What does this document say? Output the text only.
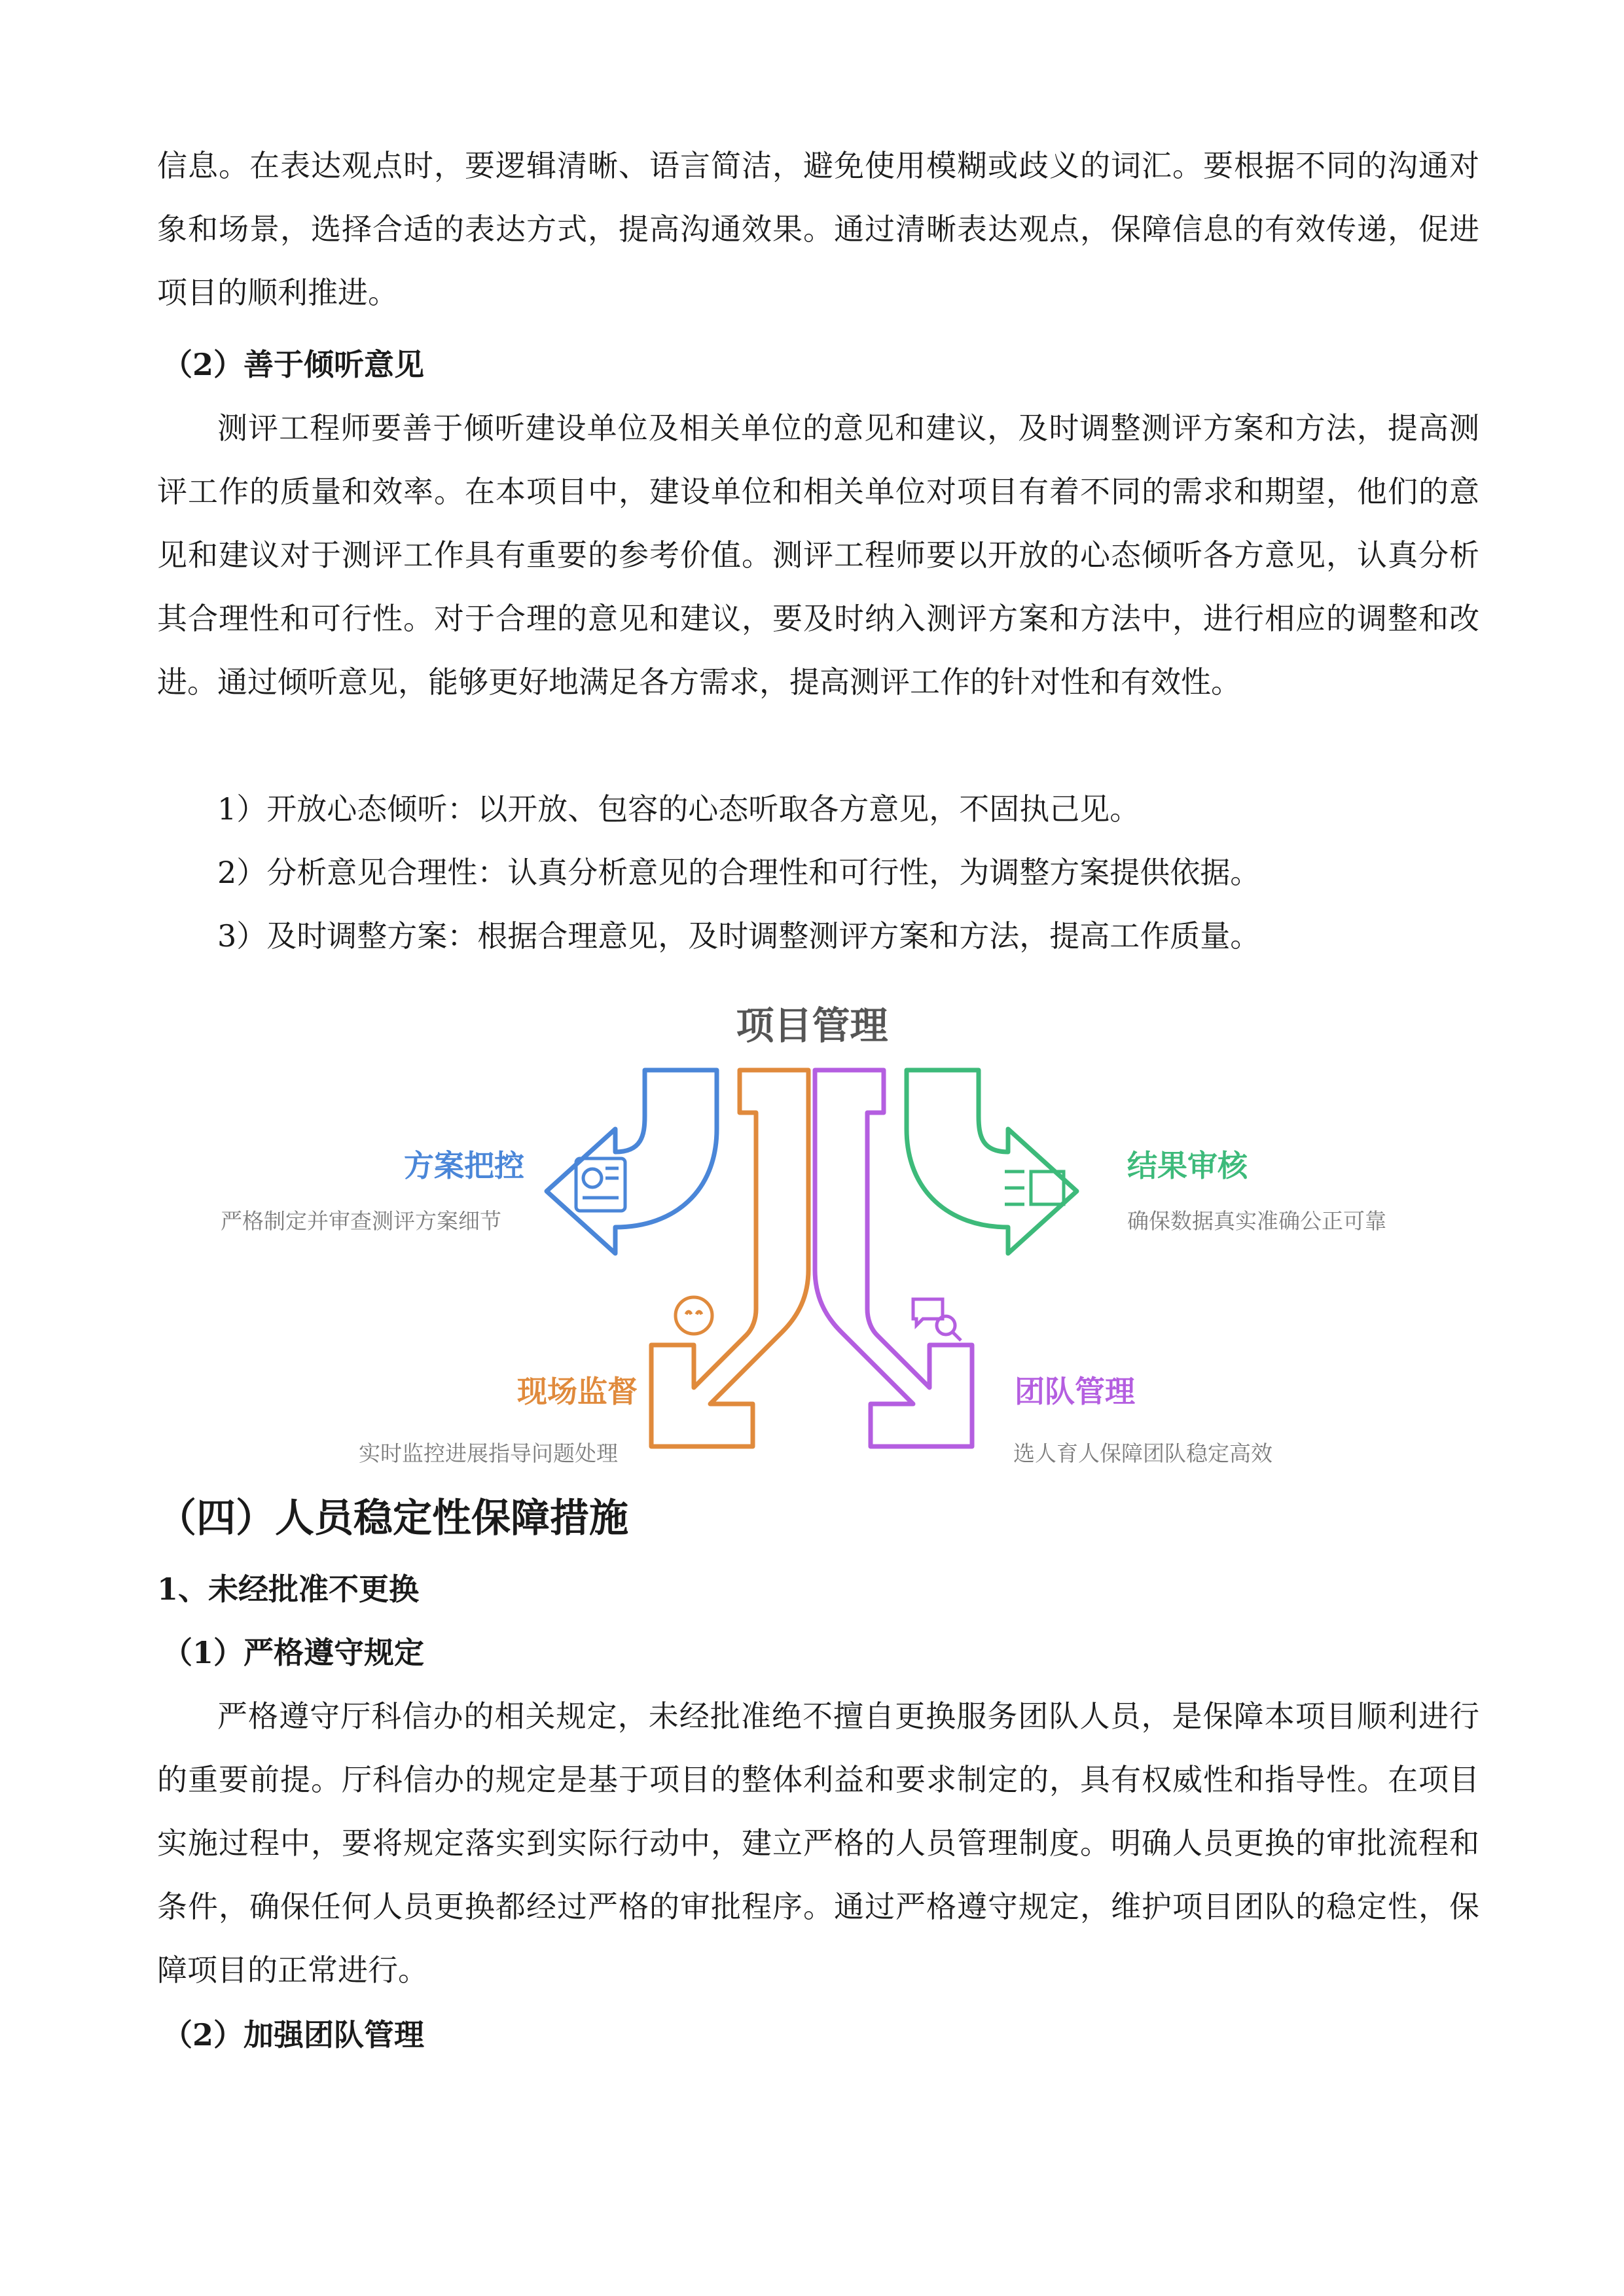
信息。在表达观点时，要逻辑清晰、语言简洁，避免使用模糊或歧义的词汇。要根据不同的沟通对象和场景，选择合适的表达方式，提高沟通效果。通过清晰表达观点，保障信息的有效传递，促进项目的顺利推进。

（2）善于倾听意见

测评工程师要善于倾听建设单位及相关单位的意见和建议，及时调整测评方案和方法，提高测评工作的质量和效率。在本项目中，建设单位和相关单位对项目有着不同的需求和期望，他们的意见和建议对于测评工作具有重要的参考价值。测评工程师要以开放的心态倾听各方意见，认真分析其合理性和可行性。对于合理的意见和建议，要及时纳入测评方案和方法中，进行相应的调整和改进。通过倾听意见，能够更好地满足各方需求，提高测评工作的针对性和有效性。

1）开放心态倾听：以开放、包容的心态听取各方意见，不固执己见。

2）分析意见合理性：认真分析意见的合理性和可行性，为调整方案提供依据。

3）及时调整方案：根据合理意见，及时调整测评方案和方法，提高工作质量。

项目管理
方案把控
严格制定并审查测评方案细节
现场监督
实时监控进展指导问题处理
团队管理
选人育人保障团队稳定高效
结果审核
确保数据真实准确公正可靠

（四）人员稳定性保障措施

1、未经批准不更换

（1）严格遵守规定

严格遵守厅科信办的相关规定，未经批准绝不擅自更换服务团队人员，是保障本项目顺利进行的重要前提。厅科信办的规定是基于项目的整体利益和要求制定的，具有权威性和指导性。在项目实施过程中，要将规定落实到实际行动中，建立严格的人员管理制度。明确人员更换的审批流程和条件，确保任何人员更换都经过严格的审批程序。通过严格遵守规定，维护项目团队的稳定性，保障项目的正常进行。

（2）加强团队管理
